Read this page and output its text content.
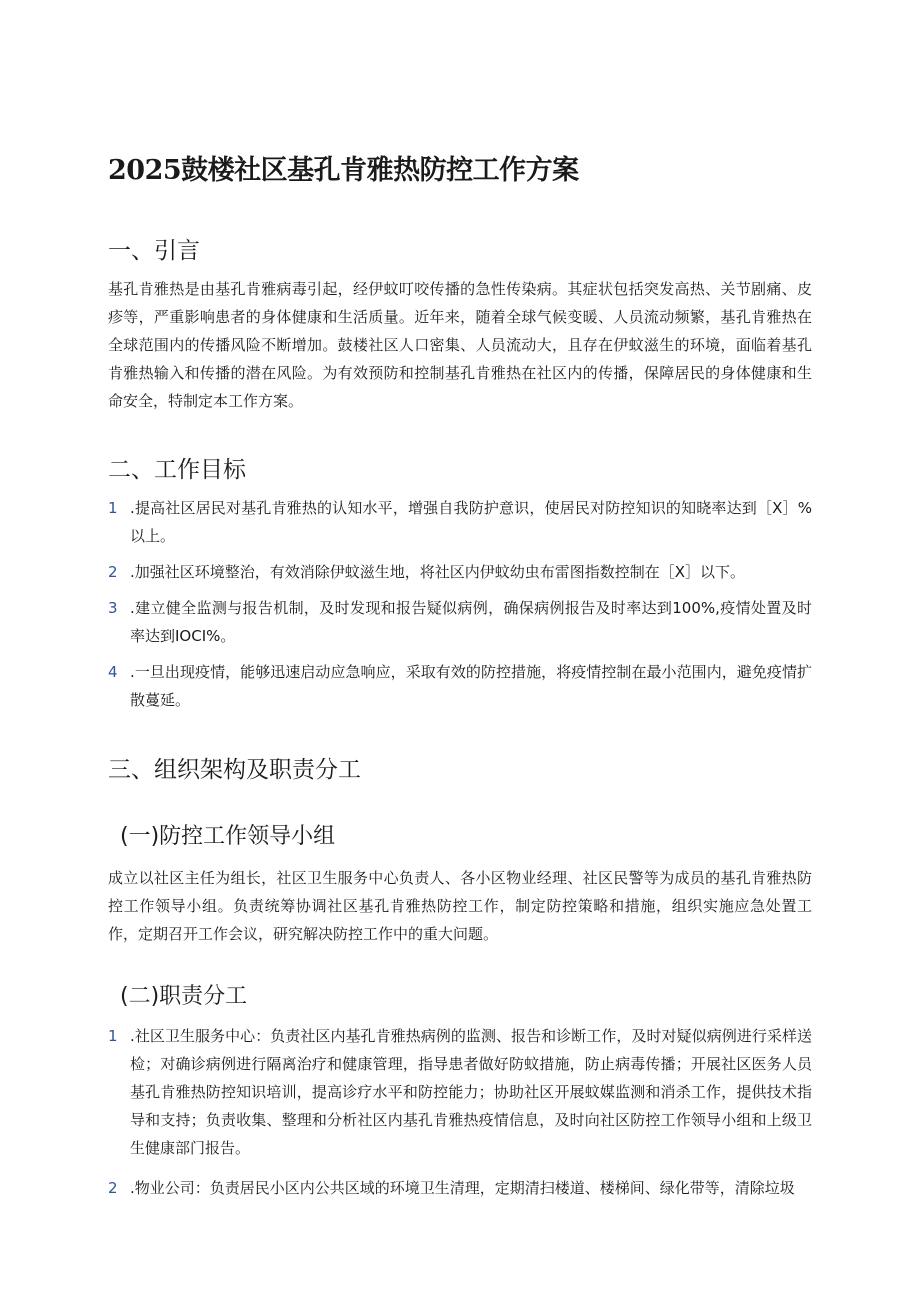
2025鼓楼社区基孔肯雅热防控工作方案
一、引言

基孔肯雅热是由基孔肯雅病毒引起，经伊蚊叮咬传播的急性传染病。其症状包括突发高热、关节剧痛、皮疹等，严重影响患者的身体健康和生活质量。近年来，随着全球气候变暖、人员流动频繁，基孔肯雅热在全球范围内的传播风险不断增加。鼓楼社区人口密集、人员流动大，且存在伊蚊滋生的环境，面临着基孔肯雅热输入和传播的潜在风险。为有效预防和控制基孔肯雅热在社区内的传播，保障居民的身体健康和生命安全，特制定本工作方案。

二、工作目标
1 .提高社区居民对基孔肯雅热的认知水平，增强自我防护意识，使居民对防控知识的知晓率达到［X］%以上。
2 .加强社区环境整治，有效消除伊蚊滋生地，将社区内伊蚊幼虫布雷图指数控制在［X］以下。
3 .建立健全监测与报告机制，及时发现和报告疑似病例，确保病例报告及时率达到100%,疫情处置及时率达到IOCI%。
4 .一旦出现疫情，能够迅速启动应急响应，采取有效的防控措施，将疫情控制在最小范围内，避免疫情扩散蔓延。
三、组织架构及职责分工
(一)防控工作领导小组

成立以社区主任为组长，社区卫生服务中心负责人、各小区物业经理、社区民警等为成员的基孔肯雅热防控工作领导小组。负责统筹协调社区基孔肯雅热防控工作，制定防控策略和措施，组织实施应急处置工作，定期召开工作会议，研究解决防控工作中的重大问题。

(二)职责分工
1 .社区卫生服务中心：负责社区内基孔肯雅热病例的监测、报告和诊断工作，及时对疑似病例进行采样送检；对确诊病例进行隔离治疗和健康管理，指导患者做好防蚊措施，防止病毒传播；开展社区医务人员基孔肯雅热防控知识培训，提高诊疗水平和防控能力；协助社区开展蚊媒监测和消杀工作，提供技术指导和支持；负责收集、整理和分析社区内基孔肯雅热疫情信息，及时向社区防控工作领导小组和上级卫生健康部门报告。
2 .物业公司：负责居民小区内公共区域的环境卫生清理，定期清扫楼道、楼梯间、绿化带等，清除垃圾
